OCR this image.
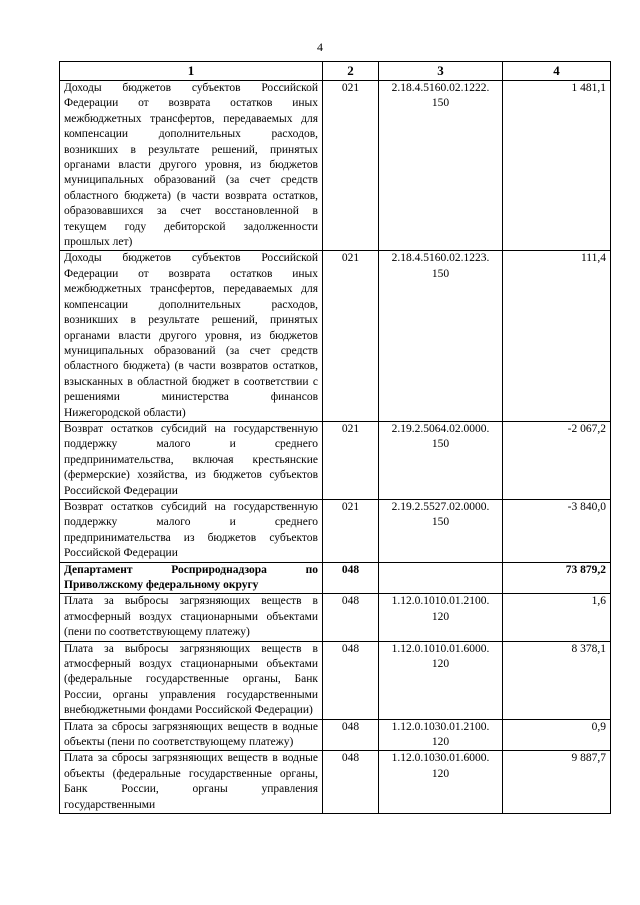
4
1	2	3	4
Доходы бюджетов субъектов Российской Федерации от возврата остатков иных межбюджетных трансфертов, передаваемых для компенсации дополнительных расходов, возникших в результате решений, принятых органами власти другого уровня, из бюджетов муниципальных образований (за счет средств областного бюджета) (в части возврата остатков, образовавшихся за счет восстановленной в текущем году дебиторской задолженности прошлых лет)	021	2.18.4.5160.02.1222. 150	1 481,1
Доходы бюджетов субъектов Российской Федерации от возврата остатков иных межбюджетных трансфертов, передаваемых для компенсации дополнительных расходов, возникших в результате решений, принятых органами власти другого уровня, из бюджетов муниципальных образований (за счет средств областного бюджета) (в части возвратов остатков, взысканных в областной бюджет в соответствии с решениями министерства финансов Нижегородской области)	021	2.18.4.5160.02.1223. 150	111,4
Возврат остатков субсидий на государственную поддержку малого и среднего предпринимательства, включая крестьянские (фермерские) хозяйства, из бюджетов субъектов Российской Федерации	021	2.19.2.5064.02.0000. 150	-2 067,2
Возврат остатков субсидий на государственную поддержку малого и среднего предпринимательства из бюджетов субъектов Российской Федерации	021	2.19.2.5527.02.0000. 150	-3 840,0
Департамент Росприроднадзора по Приволжскому федеральному округу	048		73 879,2
Плата за выбросы загрязняющих веществ в атмосферный воздух стационарными объектами (пени по соответствующему платежу)	048	1.12.0.1010.01.2100. 120	1,6
Плата за выбросы загрязняющих веществ в атмосферный воздух стационарными объектами (федеральные государственные органы, Банк России, органы управления государственными внебюджетными фондами Российской Федерации)	048	1.12.0.1010.01.6000. 120	8 378,1
Плата за сбросы загрязняющих веществ в водные объекты (пени по соответствующему платежу)	048	1.12.0.1030.01.2100. 120	0,9
Плата за сбросы загрязняющих веществ в водные объекты (федеральные государственные органы, Банк России, органы управления государственными	048	1.12.0.1030.01.6000. 120	9 887,7
